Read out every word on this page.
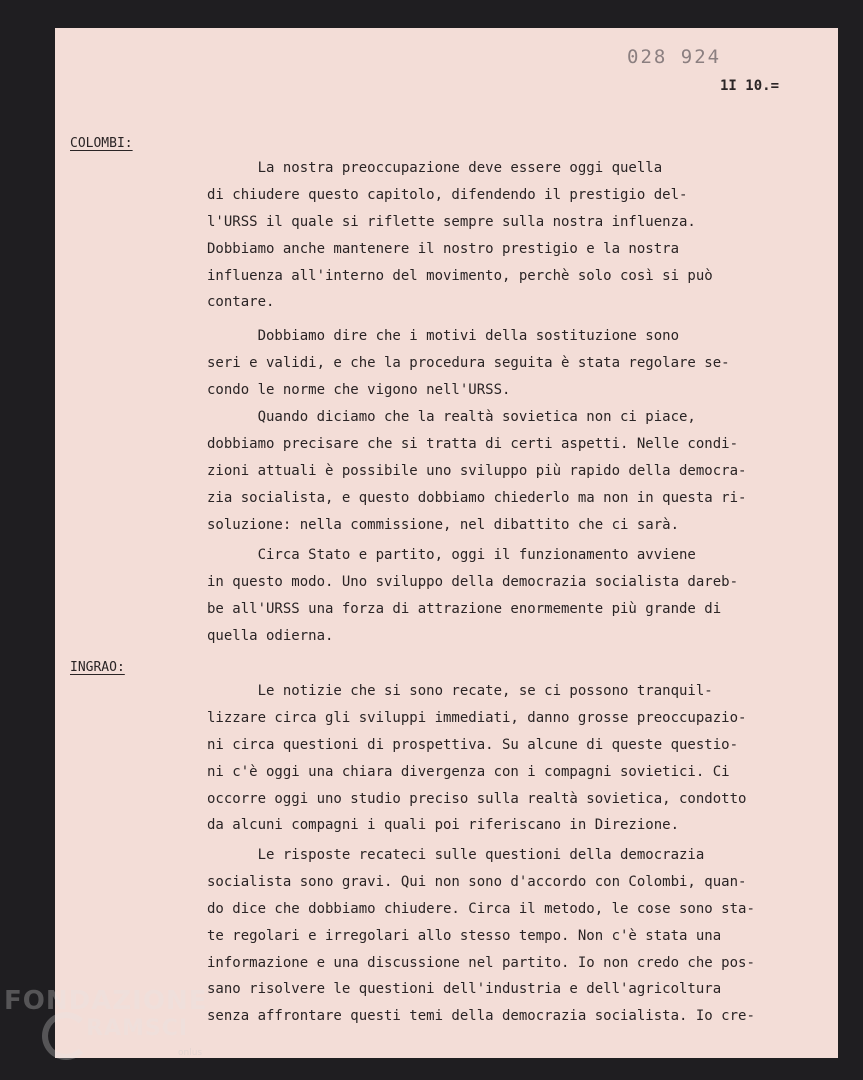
028 924
1I 10.=
COLOMBI:

La nostra preoccupazione deve essere oggi quella
di chiudere questo capitolo, difendendo il prestigio del-
l'URSS il quale si riflette sempre sulla nostra influenza.
Dobbiamo anche mantenere il nostro prestigio e la nostra
influenza all'interno del movimento, perchè solo così si può
contare.

Dobbiamo dire che i motivi della sostituzione sono
seri e validi, e che la procedura seguita è stata regolare se-
condo le norme che vigono nell'URSS.

Quando diciamo che la realtà sovietica non ci piace,
dobbiamo precisare che si tratta di certi aspetti. Nelle condi-
zioni attuali è possibile uno sviluppo più rapido della democra-
zia socialista, e questo dobbiamo chiederlo ma non in questa ri-
soluzione: nella commissione, nel dibattito che ci sarà.

Circa Stato e partito, oggi il funzionamento avviene
in questo modo. Uno sviluppo della democrazia socialista dareb-
be all'URSS una forza di attrazione enormemente più grande di
quella odierna.

INGRAO:

Le notizie che si sono recate, se ci possono tranquil-
lizzare circa gli sviluppi immediati, danno grosse preoccupazio-
ni circa questioni di prospettiva. Su alcune di queste questio-
ni c'è oggi una chiara divergenza con i compagni sovietici. Ci
occorre oggi uno studio preciso sulla realtà sovietica, condotto
da alcuni compagni i quali poi riferiscano in Direzione.

Le risposte recateci sulle questioni della democrazia
socialista sono gravi. Qui non sono d'accordo con Colombi, quan-
do dice che dobbiamo chiudere. Circa il metodo, le cose sono sta-
te regolari e irregolari allo stesso tempo. Non c'è stata una
informazione e una discussione nel partito. Io non credo che pos-
sano risolvere le questioni dell'industria e dell'agricoltura
senza affrontare questi temi della democrazia socialista. Io cre-

FONDAZIONE
RAMSCI
onlus
